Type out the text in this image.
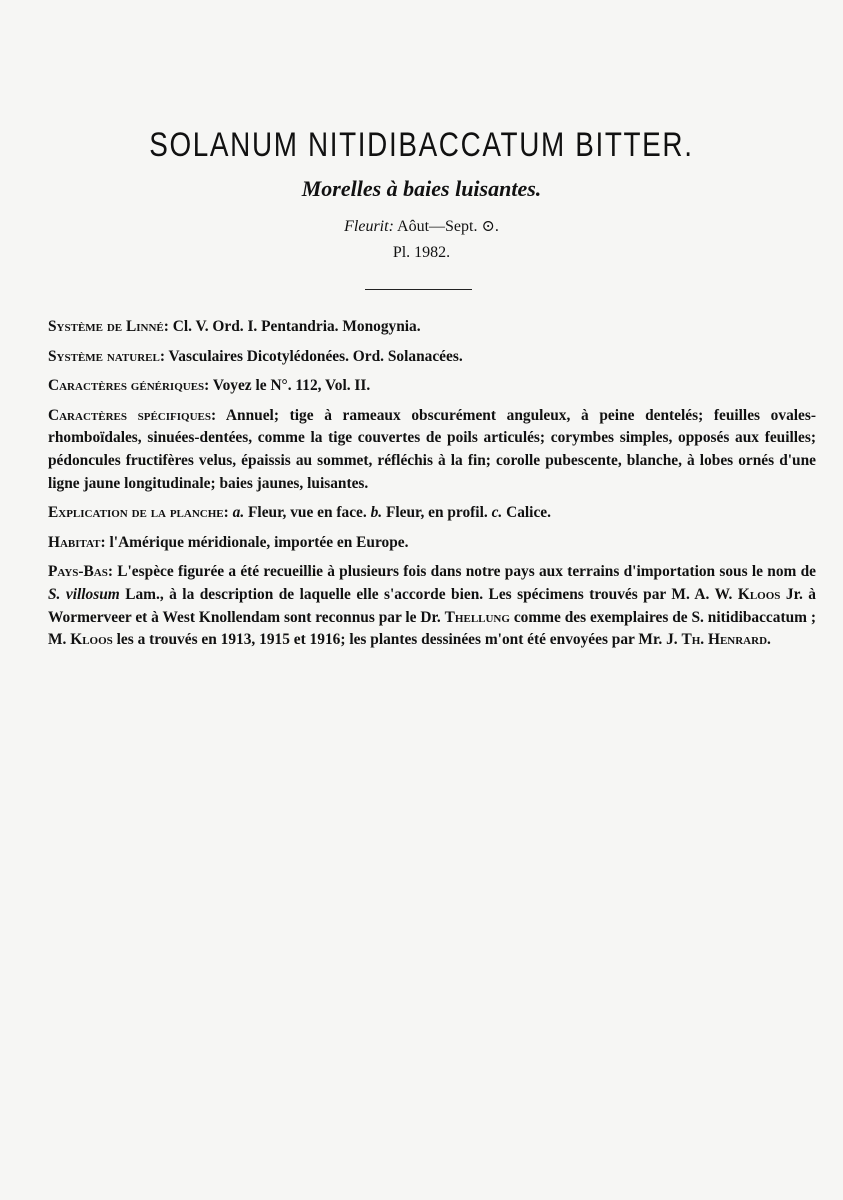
SOLANUM NITIDIBACCATUM BITTER.
Morelles à baies luisantes.
Fleurit: Aôut—Sept. ⊙.
Pl. 1982.

Système de Linné: Cl. V. Ord. I. Pentandria. Monogynia.

Système naturel: Vasculaires Dicotylédonées. Ord. Solanacées.

Caractères génériques: Voyez le N°. 112, Vol. II.

Caractères spécifiques: Annuel; tige à rameaux obscurément anguleux, à peine dentelés; feuilles ovales-rhomboïdales, sinuées-dentées, comme la tige couvertes de poils articulés; corymbes simples, opposés aux feuilles; pédoncules fructifères velus, épaissis au sommet, réfléchis à la fin; corolle pubescente, blanche, à lobes ornés d'une ligne jaune longitudinale; baies jaunes, luisantes.

Explication de la planche: a. Fleur, vue en face. b. Fleur, en profil. c. Calice.

Habitat: l'Amérique méridionale, importée en Europe.

Pays-Bas: L'espèce figurée a été recueillie à plusieurs fois dans notre pays aux terrains d'importation sous le nom de S. villosum Lam., à la description de laquelle elle s'accorde bien. Les spécimens trouvés par M. A. W. Kloos Jr. à Wormerveer et à West Knollendam sont reconnus par le Dr. Thellung comme des exemplaires de S. nitidibaccatum ; M. Kloos les a trouvés en 1913, 1915 et 1916; les plantes dessinées m'ont été envoyées par Mr. J. Th. Henrard.
